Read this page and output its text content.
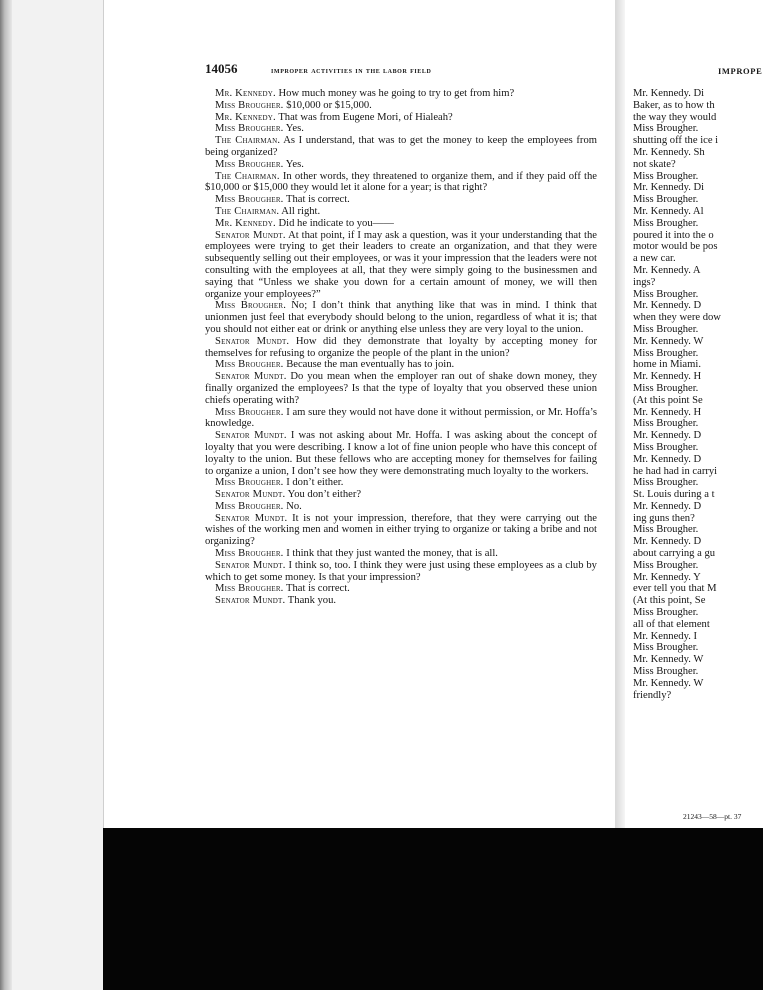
14056	improper activities in the labor field

Mr. Kennedy. How much money was he going to try to get from him?

Miss Brougher. $10,000 or $15,000.

Mr. Kennedy. That was from Eugene Mori, of Hialeah?

Miss Brougher. Yes.

The Chairman. As I understand, that was to get the money to keep the employees from being organized?

Miss Brougher. Yes.

The Chairman. In other words, they threatened to organize them, and if they paid off the $10,000 or $15,000 they would let it alone for a year; is that right?

Miss Brougher. That is correct.

The Chairman. All right.

Mr. Kennedy. Did he indicate to you——

Senator Mundt. At that point, if I may ask a question, was it your understanding that the employees were trying to get their leaders to create an organization, and that they were subsequently selling out their employees, or was it your impression that the leaders were not consulting with the employees at all, that they were simply going to the businessmen and saying that “Unless we shake you down for a certain amount of money, we will then organize your employees?”

Miss Brougher. No; I don’t think that anything like that was in mind. I think that unionmen just feel that everybody should belong to the union, regardless of what it is; that you should not either eat or drink or anything else unless they are very loyal to the union.

Senator Mundt. How did they demonstrate that loyalty by accepting money for themselves for refusing to organize the people of the plant in the union?

Miss Brougher. Because the man eventually has to join.

Senator Mundt. Do you mean when the employer ran out of shake down money, they finally organized the employees? Is that the type of loyalty that you observed these union chiefs operating with?

Miss Brougher. I am sure they would not have done it without permission, or Mr. Hoffa’s knowledge.

Senator Mundt. I was not asking about Mr. Hoffa. I was asking about the concept of loyalty that you were describing. I know a lot of fine union people who have this concept of loyalty to the union. But these fellows who are accepting money for themselves for failing to organize a union, I don’t see how they were demonstrating much loyalty to the workers.

Miss Brougher. I don’t either.

Senator Mundt. You don’t either?

Miss Brougher. No.

Senator Mundt. It is not your impression, therefore, that they were carrying out the wishes of the working men and women in either trying to organize or taking a bribe and not organizing?

Miss Brougher. I think that they just wanted the money, that is all.

Senator Mundt. I think so, too. I think they were just using these employees as a club by which to get some money. Is that your impression?

Miss Brougher. That is correct.

Senator Mundt. Thank you.

IMPROPE
Mr. Kennedy. Di
Baker, as to how th
the way they would
Miss Brougher.
shutting off the ice i
Mr. Kennedy. Sh
not skate?
Miss Brougher.
Mr. Kennedy. Di
Miss Brougher.
Mr. Kennedy. Al
Miss Brougher.
poured it into the o
motor would be pos
a new car.
Mr. Kennedy. A
ings?
Miss Brougher.
Mr. Kennedy. D
when they were dow
Miss Brougher.
Mr. Kennedy. W
Miss Brougher.
home in Miami.
Mr. Kennedy. H
Miss Brougher.
(At this point Se
Mr. Kennedy. H
Miss Brougher.
Mr. Kennedy. D
Miss Brougher.
Mr. Kennedy. D
he had had in carryi
Miss Brougher.
St. Louis during a t
Mr. Kennedy. D
ing guns then?
Miss Brougher.
Mr. Kennedy. D
about carrying a gu
Miss Brougher.
Mr. Kennedy. Y
ever tell you that M
(At this point, Se
Miss Brougher.
all of that element
Mr. Kennedy. I
Miss Brougher.
Mr. Kennedy. W
Miss Brougher.
Mr. Kennedy. W
friendly?
21243—58—pt. 37
